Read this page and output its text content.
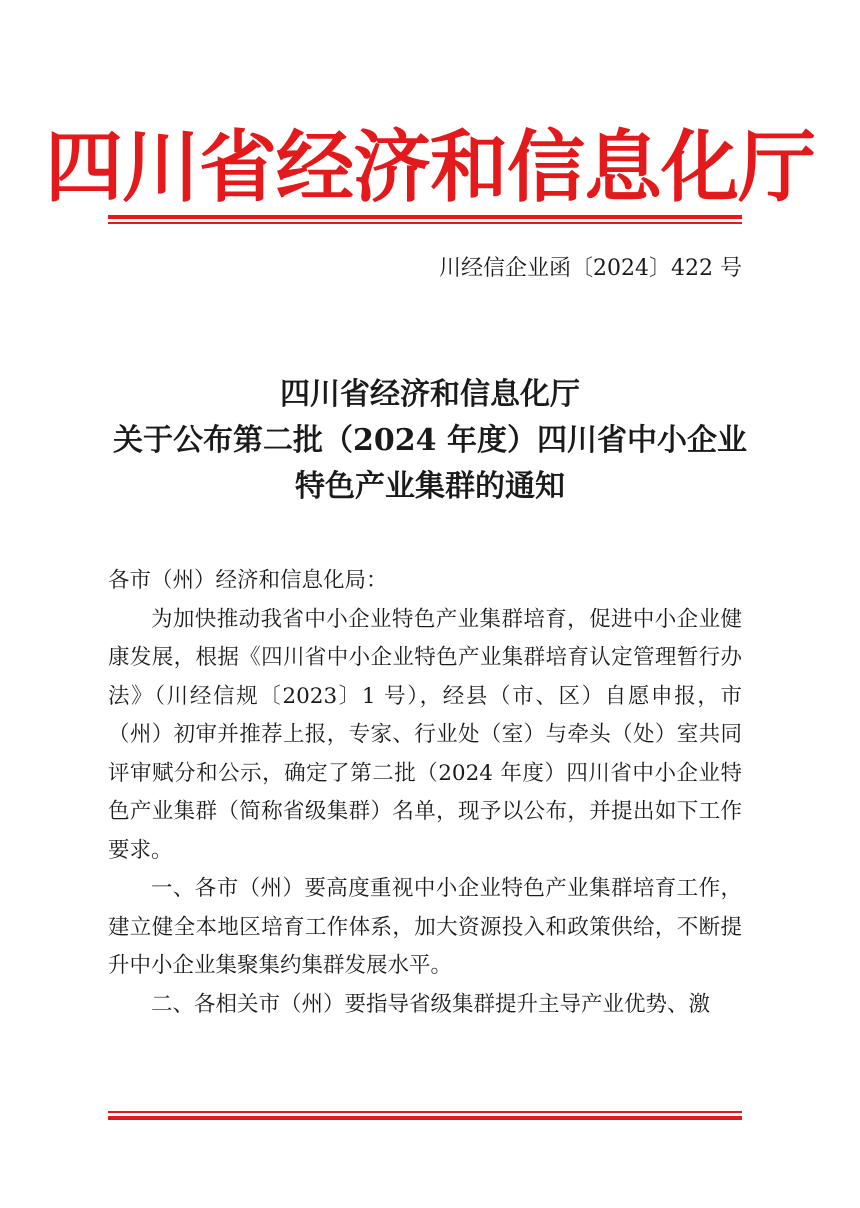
四川省经济和信息化厅
川经信企业函〔2024〕422 号
四川省经济和信息化厅
关于公布第二批（2024 年度）四川省中小企业
特色产业集群的通知

各市（州）经济和信息化局：

为加快推动我省中小企业特色产业集群培育，促进中小企业健康发展，根据《四川省中小企业特色产业集群培育认定管理暂行办法》（川经信规〔2023〕1 号），经县（市、区）自愿申报，市（州）初审并推荐上报，专家、行业处（室）与牵头（处）室共同评审赋分和公示，确定了第二批（2024 年度）四川省中小企业特色产业集群（简称省级集群）名单，现予以公布，并提出如下工作要求。

一、各市（州）要高度重视中小企业特色产业集群培育工作，建立健全本地区培育工作体系，加大资源投入和政策供给，不断提升中小企业集聚集约集群发展水平。

二、各相关市（州）要指导省级集群提升主导产业优势、激
